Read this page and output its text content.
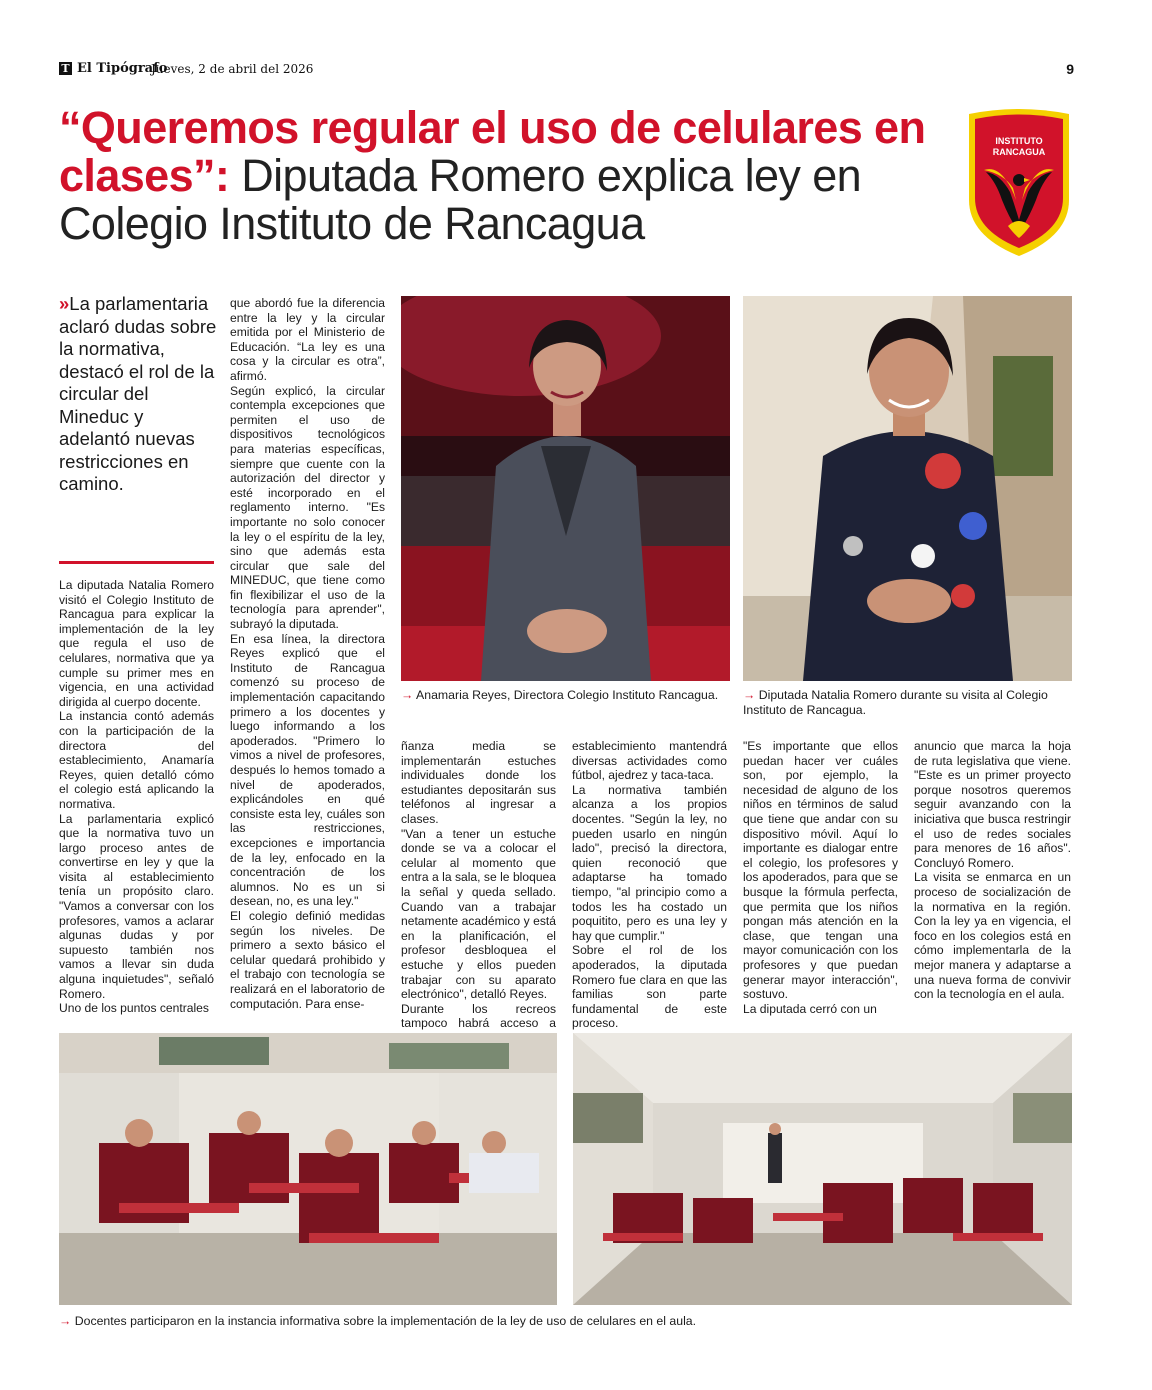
T El Tipógrafo
Jueves, 2 de abril del 2026	9
“Queremos regular el uso de celulares en clases”: Diputada Romero explica ley en Colegio Instituto de Rancagua
INSTITUTO
RANCAGUA
»La parlamentaria aclaró dudas sobre la normativa, destacó el rol de la circular del Mineduc y adelantó nuevas restricciones en camino.

La diputada Natalia Romero visitó el Colegio Instituto de Rancagua para explicar la implementación de la ley que regula el uso de celulares, normativa que ya cumple su primer mes en vigencia, en una actividad dirigida al cuerpo docente.

La instancia contó además con la participación de la directora del establecimiento, Anamaría Reyes, quien detalló cómo el colegio está aplicando la normativa.

La parlamentaria explicó que la normativa tuvo un largo proceso antes de convertirse en ley y que la visita al establecimiento tenía un propósito claro. "Vamos a conversar con los profesores, vamos a aclarar algunas dudas y por supuesto también nos vamos a llevar sin duda alguna inquietudes", señaló Romero.

Uno de los puntos centrales

que abordó fue la diferencia entre la ley y la circular emitida por el Ministerio de Educación. “La ley es una cosa y la circular es otra”, afirmó.

Según explicó, la circular contempla excepciones que permiten el uso de dispositivos tecnológicos para materias específicas, siempre que cuente con la autorización del director y esté incorporado en el reglamento interno. "Es importante no solo conocer la ley o el espíritu de la ley, sino que además esta circular que sale del MINEDUC, que tiene como fin flexibilizar el uso de la tecnología para aprender", subrayó la diputada.

En esa línea, la directora Reyes explicó que el Instituto de Rancagua comenzó su proceso de implementación capacitando primero a los docentes y luego informando a los apoderados. "Primero lo vimos a nivel de profesores, después lo hemos tomado a nivel de apoderados, explicándoles en qué consiste esta ley, cuáles son las restricciones, excepciones e importancia de la ley, enfocado en la concentración de los alumnos. No es un si desean, no, es una ley."

El colegio definió medidas según los niveles. De primero a sexto básico el celular quedará prohibido y el trabajo con tecnología se realizará en el laboratorio de computación. Para ense-

ñanza media se implementarán estuches individuales donde los estudiantes depositarán sus teléfonos al ingresar a clases.

"Van a tener un estuche donde se va a colocar el celular al momento que entra a la sala, se le bloquea la señal y queda sellado. Cuando van a trabajar netamente académico y está en la planificación, el profesor desbloquea el estuche y ellos pueden trabajar con su aparato electrónico", detalló Reyes.

Durante los recreos tampoco habrá acceso a

establecimiento mantendrá diversas actividades como fútbol, ajedrez y taca-taca.

La normativa también alcanza a los propios docentes. "Según la ley, no pueden usarlo en ningún lado", precisó la directora, quien reconoció que adaptarse ha tomado tiempo, "al principio como a todos les ha costado un poquitito, pero es una ley y hay que cumplir."

Sobre el rol de los apoderados, la diputada Romero fue clara en que las familias son parte fundamental de este proceso.

"Es importante que ellos puedan hacer ver cuáles son, por ejemplo, la necesidad de alguno de los niños en términos de salud que tiene que andar con su dispositivo móvil. Aquí lo importante es dialogar entre el colegio, los profesores y los apoderados, para que se busque la fórmula perfecta, que permita que los niños pongan más atención en la clase, que tengan una mayor comunicación con los profesores y que puedan generar mayor interacción", sostuvo.

La diputada cerró con un

anuncio que marca la hoja de ruta legislativa que viene. "Este es un primer proyecto porque nosotros queremos seguir avanzando con la iniciativa que busca restringir el uso de redes sociales para menores de 16 años". Concluyó Romero.

La visita se enmarca en un proceso de socialización de la normativa en la región. Con la ley ya en vigencia, el foco en los colegios está en cómo implementarla de la mejor manera y adaptarse a una nueva forma de convivir con la tecnología en el aula.

→ Anamaria Reyes, Directora Colegio Instituto Rancagua. → Diputada Natalia Romero durante su visita al Colegio Instituto de Rancagua.
→ Docentes participaron en la instancia informativa sobre la implementación de la ley de uso de celulares en el aula.
